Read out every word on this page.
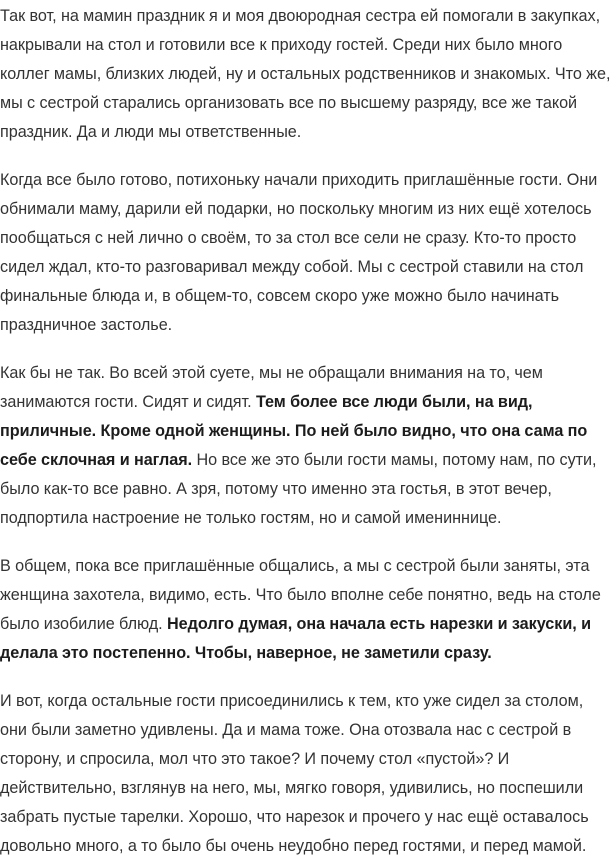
Так вот, на мамин праздник я и моя двоюродная сестра ей помогали в закупках, накрывали на стол и готовили все к приходу гостей. Среди них было много коллег мамы, близких людей, ну и остальных родственников и знакомых. Что же, мы с сестрой старались организовать все по высшему разряду, все же такой праздник. Да и люди мы ответственные.

Когда все было готово, потихоньку начали приходить приглашённые гости. Они обнимали маму, дарили ей подарки, но поскольку многим из них ещё хотелось пообщаться с ней лично о своём, то за стол все сели не сразу. Кто-то просто сидел ждал, кто-то разговаривал между собой. Мы с сестрой ставили на стол финальные блюда и, в общем-то, совсем скоро уже можно было начинать праздничное застолье.

Как бы не так. Во всей этой суете, мы не обращали внимания на то, чем занимаются гости. Сидят и сидят. Тем более все люди были, на вид, приличные. Кроме одной женщины. По ней было видно, что она сама по себе склочная и наглая. Но все же это были гости мамы, потому нам, по сути, было как-то все равно. А зря, потому что именно эта гостья, в этот вечер, подпортила настроение не только гостям, но и самой имениннице.

В общем, пока все приглашённые общались, а мы с сестрой были заняты, эта женщина захотела, видимо, есть. Что было вполне себе понятно, ведь на столе было изобилие блюд. Недолго думая, она начала есть нарезки и закуски, и делала это постепенно. Чтобы, наверное, не заметили сразу.

И вот, когда остальные гости присоединились к тем, кто уже сидел за столом, они были заметно удивлены. Да и мама тоже. Она отозвала нас с сестрой в сторону, и спросила, мол что это такое? И почему стол «пустой»? И действительно, взглянув на него, мы, мягко говоря, удивились, но поспешили забрать пустые тарелки. Хорошо, что нарезок и прочего у нас ещё оставалось довольно много, а то было бы очень неудобно перед гостями, и перед мамой.
